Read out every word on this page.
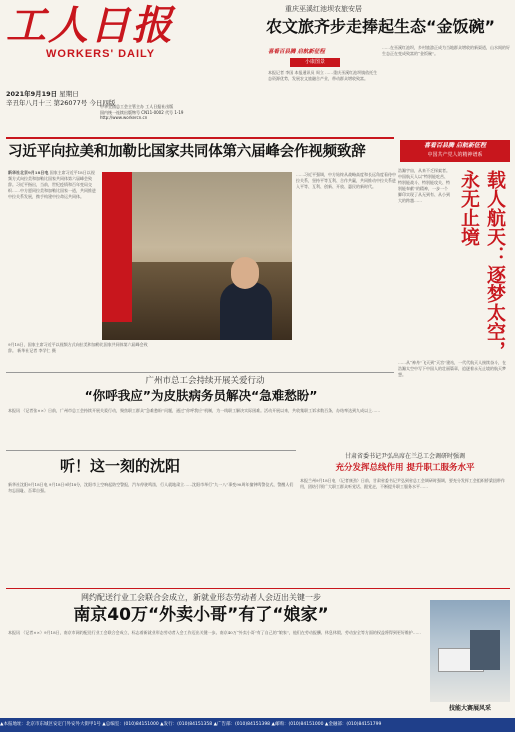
工人日报
WORKERS' DAILY
2021年9月19日 星期日
辛丑年八月十三 第26077号 今日四版
中华全国总工会主管主办 工人日报社出版
国内统一连续出版物号 CN11-0002 代号 1-19
http://www.workercn.cn
重庆巫溪红池坝农旅安居
农文旅齐步走捧起生态“金饭碗”
喜看百县腾 启航新征程
小康图景
本报记者 李国 本报通讯员 周立 ……重庆巫溪红池坝镇依托生态资源优势，发展农文旅融合产业，带动群众增收致富。
……在巫溪红池坝，乡村旅游正成为当地群众增收的新渠道，山水间的好生态正在变成致富的“金饭碗”。
习近平向拉美和加勒比国家共同体第六届峰会作视频致辞
新华社北京9月18日电 国家主席习近平18日以视频方式向拉美和加勒比国家共同体第六届峰会致辞。习近平指出，当前，世纪疫情和百年变局交织……中方愿同拉美和加勒比国家一道，共同推进中拉关系发展，携手构建中拉命运共同体。
9月18日，国家主席习近平以视频方式向拉美和加勒比国家共同体第六届峰会致辞。 新华社记者 李学仁 摄
……习近平强调，中方始终从战略高度和长远角度看待中拉关系，坚持平等互利、合作共赢，共同推动中拉关系进入平等、互利、创新、开放、惠民的新时代。
喜看百县腾 启航新征程
中国共产党人的精神谱系
浩瀚宇宙，从来不乏探索者。中国航天人以“特别能吃苦、特别能战斗、特别能攻关、特别能奉献”的精神，一步一个脚印实现了从无到有、从小到大的跨越……	载人航天：逐梦太空，永无止境
……从“神舟”飞天到“天宫”建站，一代代航天人接续奋斗，在浩瀚太空中写下中国人的壮丽篇章，追逐着永无止境的航天梦想。
广州市总工会持续开展关爱行动
“你呼我应”为皮肤病务员解决“急难愁盼”
本报讯 （记者张××）日前，广州市总工会持续开展关爱行动，聚焦职工群众“急难愁盼”问题，通过“你呼我应”机制，为一线职工解决实际困难。活动开展以来，共收集职工诉求数百条，办结率达到九成以上……
听！这一刻的沈阳
新华社沈阳9月18日电 9月18日9时18分，沈阳市上空响起防空警报，汽车停驶鸣笛，行人就地肃立……沈阳市举行“九一八”事变90周年撞钟鸣警仪式，警醒人们勿忘国耻、吾辈自强。
甘肃省委书记尹弘出席在兰总工会调研时强调
充分发挥总线作用 提升职工服务水平
本报兰州9月18日电 （记者康劲）日前，甘肃省委书记尹弘到省总工会调研时强调，要充分发挥工会组织桥梁纽带作用，团结引领广大职工群众听党话、跟党走，不断提升职工服务水平……
网约配送行业工会联合会成立，新就业形态劳动者人会迈出关键一步
南京40万“外卖小哥”有了“娘家”
本报讯 （记者××）9月18日，南京市网约配送行业工会联合会成立，标志着新就业形态劳动者入会工作迈出关键一步。南京40万“外卖小哥”有了自己的“娘家”，他们在劳动报酬、休息休假、劳动安全等方面的权益将得到更好维护……
技能大赛展风采
▲本报地址：北京市东城区安定门外安外大街甲1号 ▲总编室：(010)84151000 ▲发行：(010)84151358 ▲广告部：(010)84151398 ▲邮购：(010)84151000 ▲金融部：(010)84151799
